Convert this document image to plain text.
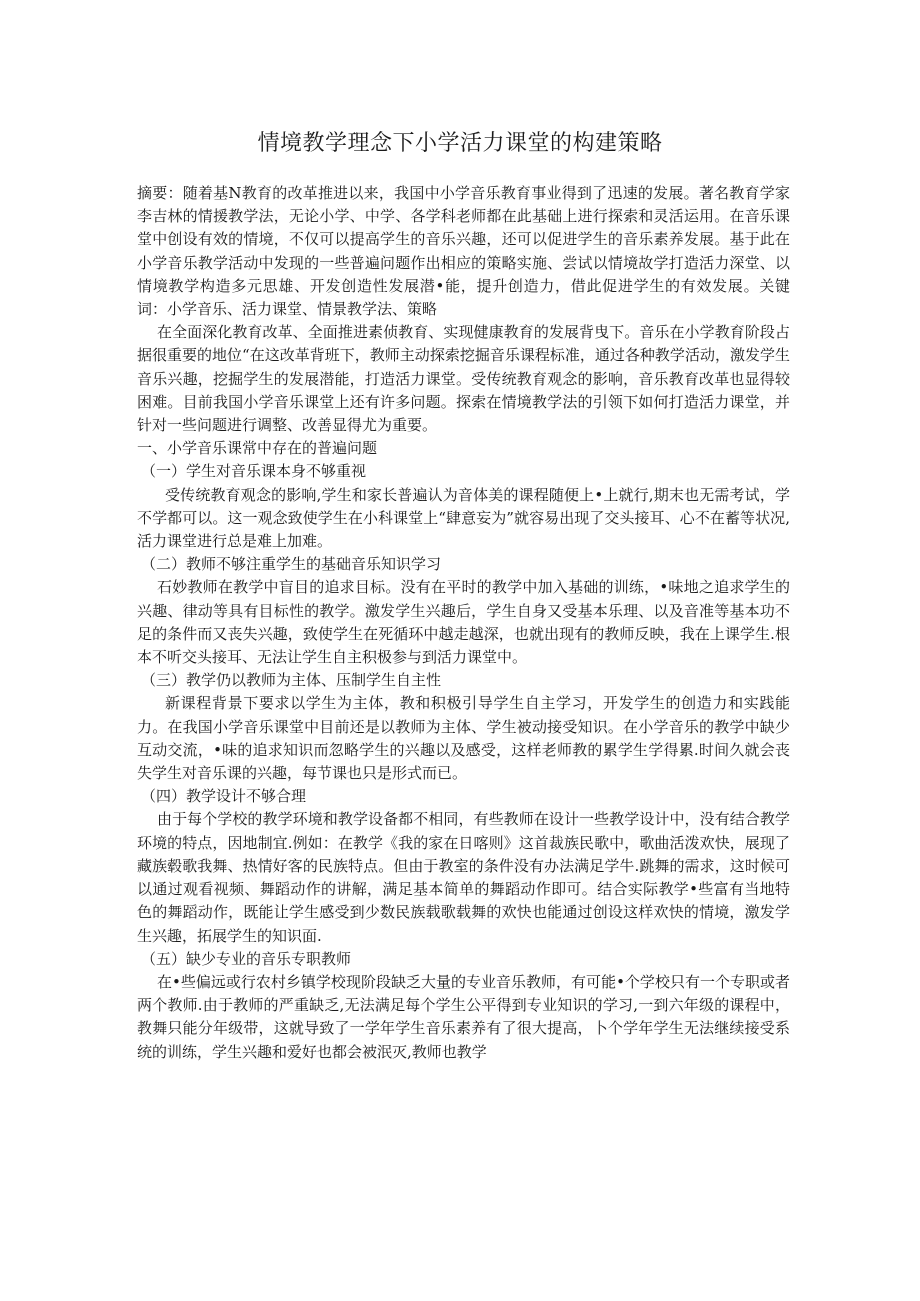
情境教学理念下小学活力课堂的构建策略

摘要：随着基N教育的改革推进以来，我国中小学音乐教育事业得到了迅速的发展。著名教育学家李吉林的情援教学法，无论小学、中学、各学科老师都在此基础上进行探索和灵活运用。在音乐课堂中创设有效的情境，不仅可以提高学生的音乐兴趣，还可以促进学生的音乐素养发展。基于此在小学音乐教学活动中发现的一些普遍问题作出相应的策略实施、尝试以情境故学打造活力深堂、以情境教学构造多元思雄、开发创造性发展潜•能，提升创造力，借此促进学生的有效发展。关键词：小学音乐、活力课堂、情景教学法、策略

在全面深化教育改革、全面推进素侦教育、实现健康教育的发展背曳下。音乐在小学教育阶段占据很重要的地位“在这改革背班下，教师主动探索挖掘音乐课程标准，通过各种教学活动，激发学生音乐兴趣，挖掘学生的发展潜能，打造活力课堂。受传统教育观念的影响，音乐教育改革也显得较困难。目前我国小学音乐课堂上还有许多问题。探索在情境教学法的引领下如何打造活力课堂，并针对一些问题进行调整、改善显得尤为重要。

一、小学音乐课常中存在的普遍问题

（一）学生对音乐课本身不够重视

受传统教育观念的影响,学生和家长普遍认为音体美的课程随便上•上就行,期末也无需考试，学不学都可以。这一观念致使学生在小科课堂上“肆意妄为”就容易出现了交头接耳、心不在蓄等状况,活力课堂进行总是难上加难。

（二）教师不够注重学生的基础音乐知识学习

石妙教师在教学中盲目的追求目标。没有在平时的教学中加入基础的训练，•味地之追求学生的兴趣、律动等具有目标性的教学。激发学生兴趣后，学生自身又受基本乐理、以及音准等基本功不足的条件而又丧失兴趣，致使学生在死循环中越走越深，也就出现有的教师反映，我在上课学生.根本不听交头接耳、无法让学生自主积极参与到活力课堂中。

（三）教学仍以教师为主体、压制学生自主性

新课程背景下要求以学生为主体，教和积极引导学生自主学习，开发学生的创造力和实践能力。在我国小学音乐课堂中目前还是以教师为主体、学生被动接受知识。在小学音乐的教学中缺少互动交流，•味的追求知识而忽略学生的兴趣以及感受，这样老师教的累学生学得累.时间久就会丧失学生对音乐课的兴趣，每节课也只是形式而已。

（四）教学设计不够合理

由于每个学校的教学环境和教学设备都不相同，有些教师在设计一些教学设计中，没有结合教学环境的特点，因地制宜.例如：在教学《我的家在日喀则》这首裁族民歌中，歌曲活泼欢快，展现了藏族毂歌我舞、热情好客的民族特点。但由于教室的条件没有办法满足学牛.跳舞的需求，这时候可以通过观看视频、舞蹈动作的讲解，满足基本简单的舞蹈动作即可。结合实际教学•些富有当地特色的舞蹈动作，既能让学生感受到少数民族载歌载舞的欢快也能通过创设这样欢快的情境，激发学生兴趣，拓展学生的知识面.

（五）缺少专业的音乐专职教师

在•些偏远或行农村乡镇学校现阶段缺乏大量的专业音乐教师，有可能•个学校只有一个专职或者两个教师.由于教师的严重缺乏,无法满足每个学生公平得到专业知识的学习,一到六年级的课程中，教舞只能分年级带，这就导致了一学年学生音乐素养有了很大提高，卜个学年学生无法继续接受系统的训练，学生兴趣和爱好也都会被泯灭,教师也教学
